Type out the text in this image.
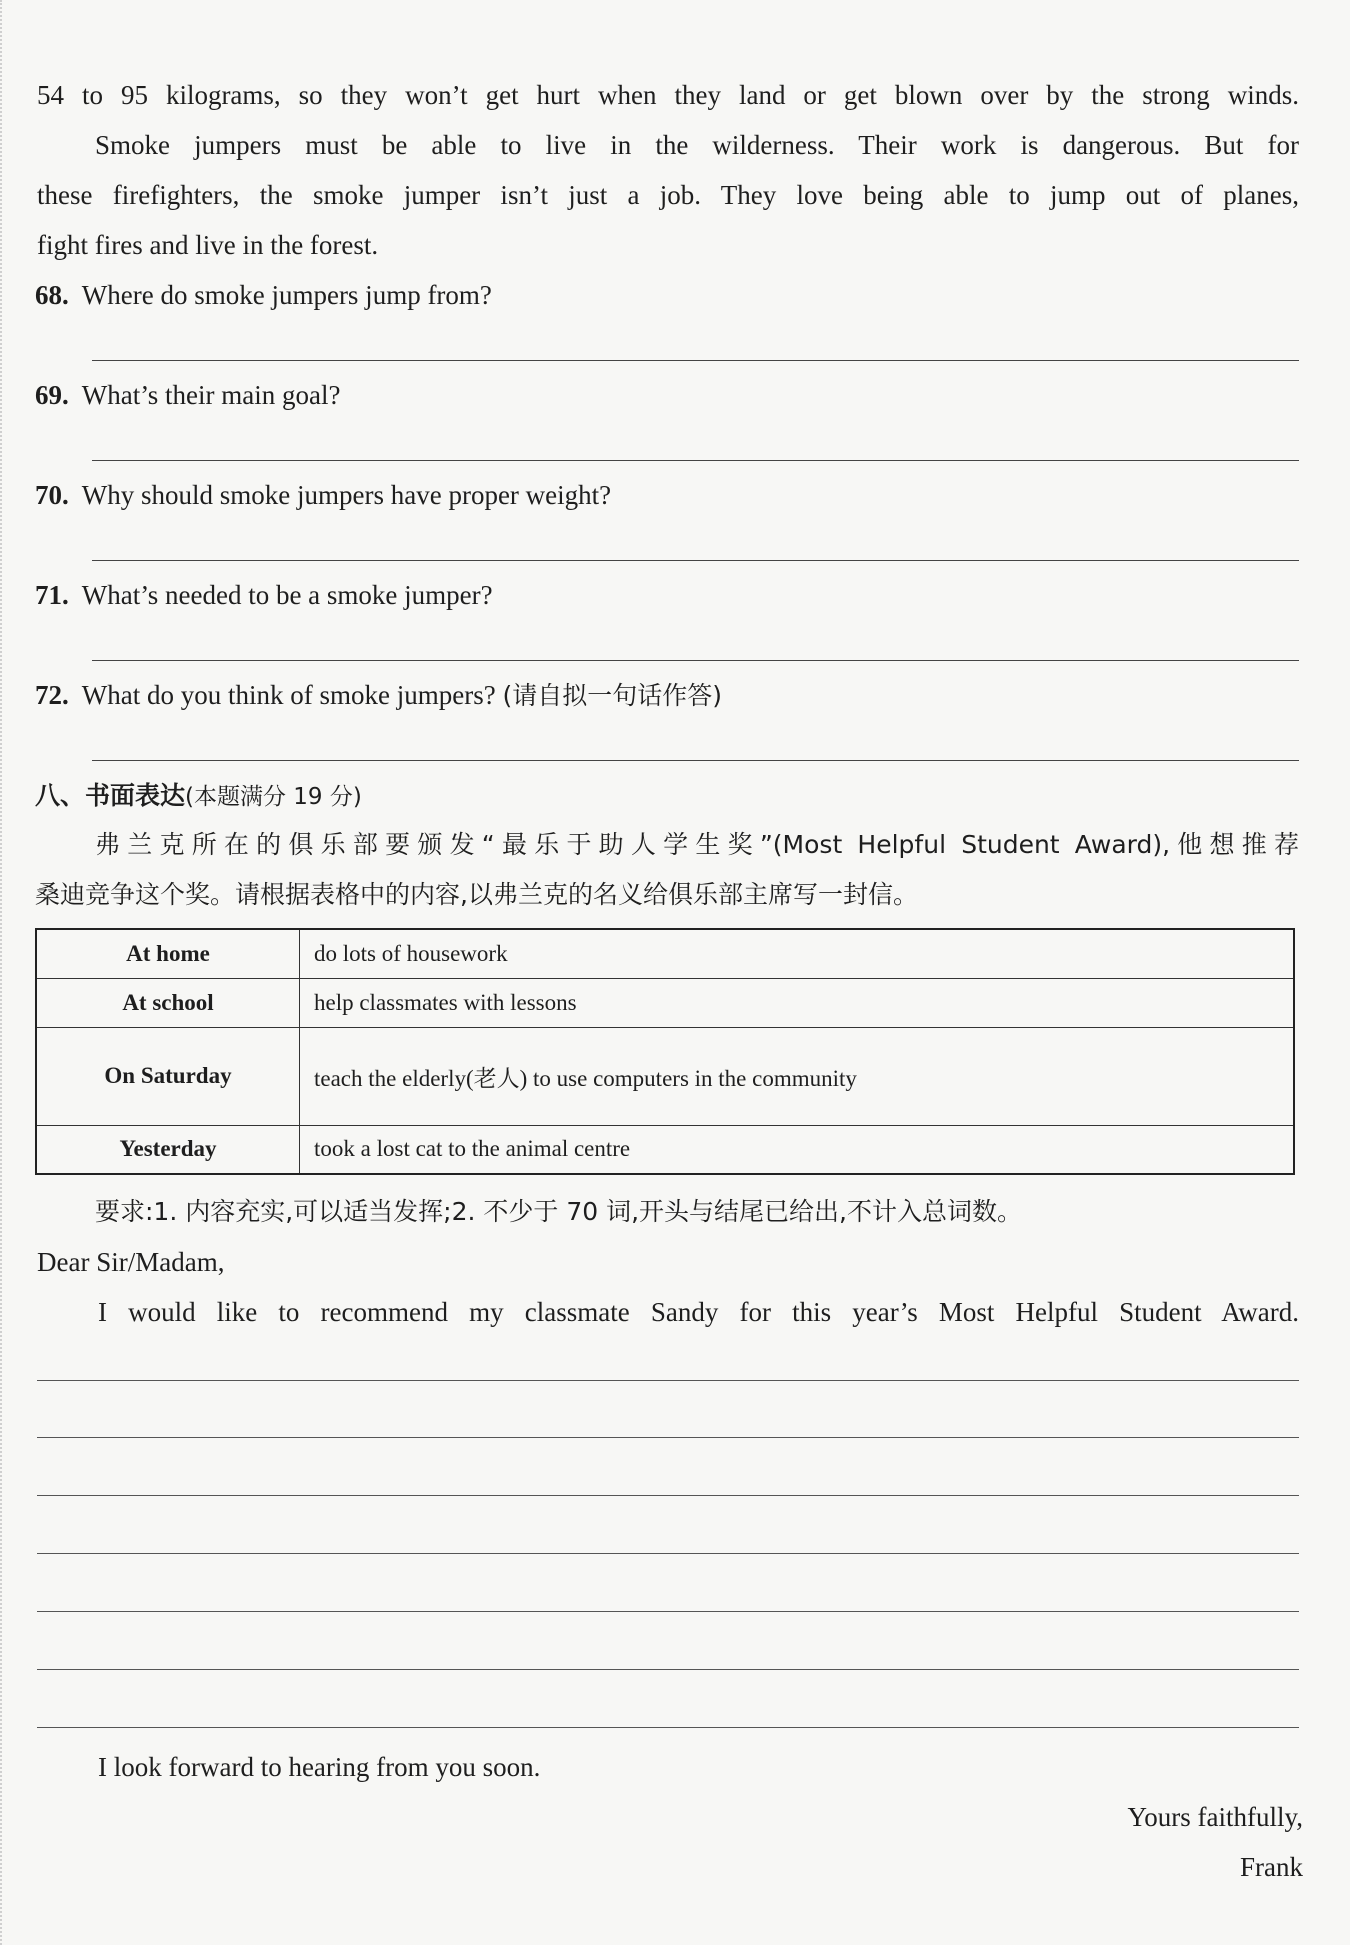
54 to 95 kilograms, so they won’t get hurt when they land or get blown over by the strong winds.
Smoke jumpers must be able to live in the wilderness. Their work is dangerous. But for
these firefighters, the smoke jumper isn’t just a job. They love being able to jump out of planes,
fight fires and live in the forest.
68. Where do smoke jumpers jump from?
69. What’s their main goal?
70. Why should smoke jumpers have proper weight?
71. What’s needed to be a smoke jumper?
72. What do you think of smoke jumpers? (请自拟一句话作答)
八、书面表达(本题满分 19 分)
弗兰克所在的俱乐部要颁发“最乐于助人学生奖”(Most Helpful Student Award),他想推荐
桑迪竞争这个奖。请根据表格中的内容,以弗兰克的名义给俱乐部主席写一封信。
At home	do lots of housework
At school	help classmates with lessons
On Saturday	teach the elderly(老人) to use computers in the community
Yesterday	took a lost cat to the animal centre
要求:1. 内容充实,可以适当发挥;2. 不少于 70 词,开头与结尾已给出,不计入总词数。
Dear Sir/Madam,
I would like to recommend my classmate Sandy for this year’s Most Helpful Student Award.
I look forward to hearing from you soon.
Yours faithfully,
Frank
